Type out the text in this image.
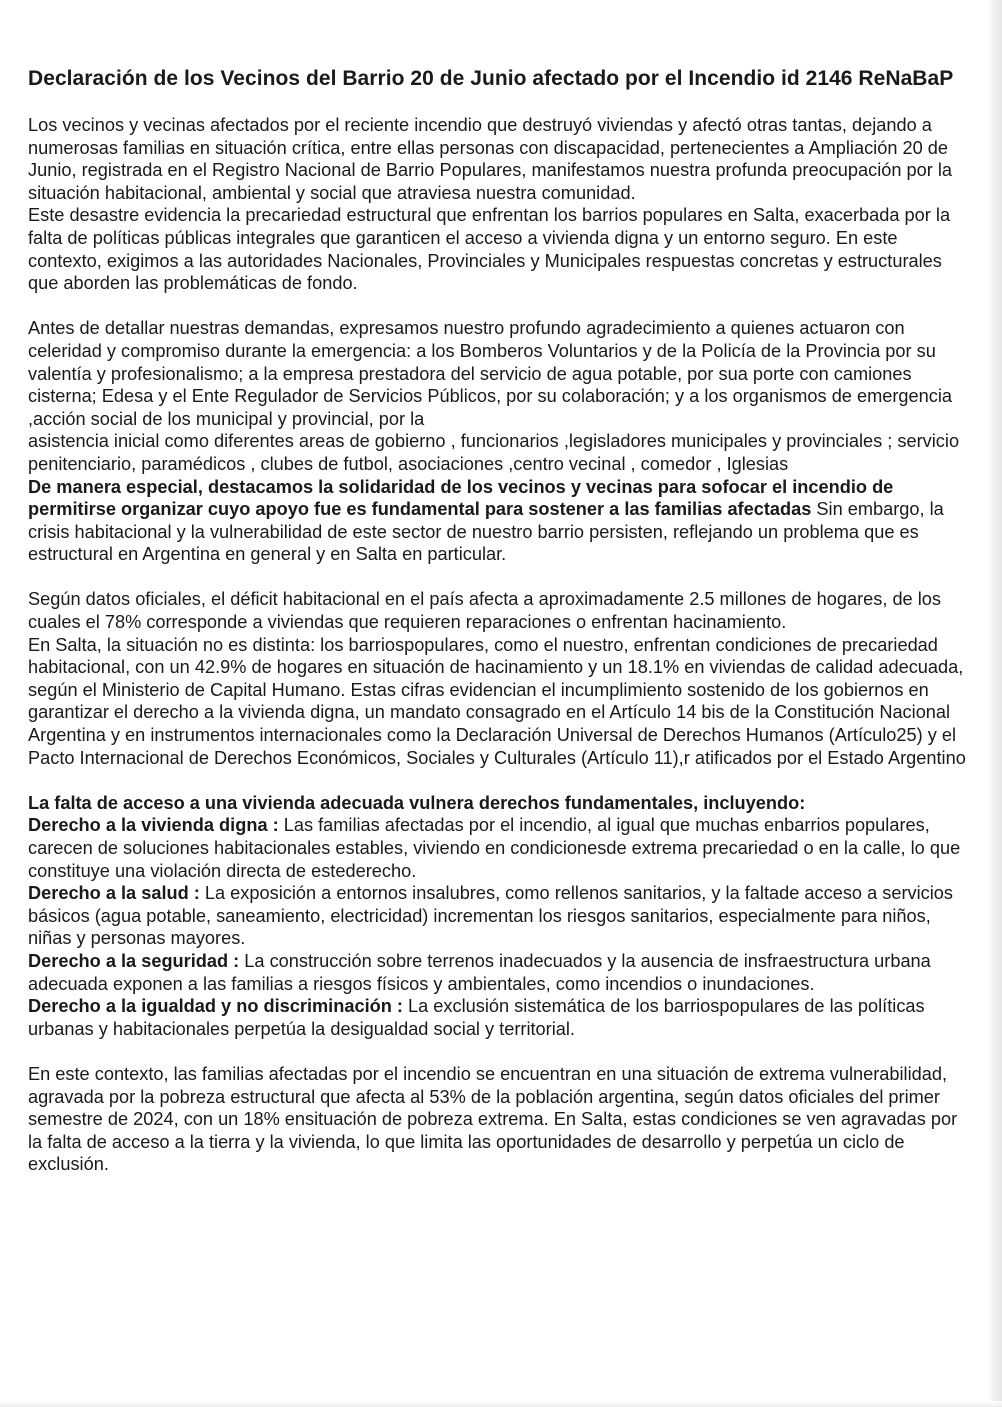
Declaración de los Vecinos del Barrio 20 de Junio afectado por el Incendio id 2146 ReNaBaP

Los vecinos y vecinas afectados por el reciente incendio que destruyó viviendas y afectó otras tantas, dejando a numerosas familias en situación crítica, entre ellas personas con discapacidad, pertenecientes a Ampliación 20 de Junio, registrada en el Registro Nacional de Barrio Populares, manifestamos nuestra profunda preocupación por la situación habitacional, ambiental y social que atraviesa nuestra comunidad.

Este desastre evidencia la precariedad estructural que enfrentan los barrios populares en Salta, exacerbada por la falta de políticas públicas integrales que garanticen el acceso a vivienda digna y un entorno seguro. En este contexto, exigimos a las autoridades Nacionales, Provinciales y Municipales respuestas concretas y estructurales que aborden las problemáticas de fondo.

Antes de detallar nuestras demandas, expresamos nuestro profundo agradecimiento a quienes actuaron con celeridad y compromiso durante la emergencia: a los Bomberos Voluntarios y de la Policía de la Provincia por su valentía y profesionalismo; a la empresa prestadora del servicio de agua potable, por sua porte con camiones cisterna; Edesa y el Ente Regulador de Servicios Públicos, por su colaboración; y a los organismos de emergencia ,acción social de los municipal y provincial, por la

asistencia inicial como diferentes areas de gobierno , funcionarios ,legisladores municipales y provinciales ; servicio penitenciario, paramédicos , clubes de futbol, asociaciones ,centro vecinal , comedor , Iglesias

De manera especial, destacamos la solidaridad de los vecinos y vecinas para sofocar el incendio de permitirse organizar cuyo apoyo fue es fundamental para sostener a las familias afectadas Sin embargo, la crisis habitacional y la vulnerabilidad de este sector de nuestro barrio persisten, reflejando un problema que es estructural en Argentina en general y en Salta en particular.

Según datos oficiales, el déficit habitacional en el país afecta a aproximadamente 2.5 millones de hogares, de los cuales el 78% corresponde a viviendas que requieren reparaciones o enfrentan hacinamiento.

En Salta, la situación no es distinta: los barriospopulares, como el nuestro, enfrentan condiciones de precariedad habitacional, con un 42.9% de hogares en situación de hacinamiento y un 18.1% en viviendas de calidad adecuada, según el Ministerio de Capital Humano. Estas cifras evidencian el incumplimiento sostenido de los gobiernos en garantizar el derecho a la vivienda digna, un mandato consagrado en el Artículo 14 bis de la Constitución Nacional Argentina y en instrumentos internacionales como la Declaración Universal de Derechos Humanos (Artículo25) y el Pacto Internacional de Derechos Económicos, Sociales y Culturales (Artículo 11),r atificados por el Estado Argentino

La falta de acceso a una vivienda adecuada vulnera derechos fundamentales, incluyendo:

Derecho a la vivienda digna : Las familias afectadas por el incendio, al igual que muchas enbarrios populares, carecen de soluciones habitacionales estables, viviendo en condicionesde extrema precariedad o en la calle, lo que constituye una violación directa de estederecho.

Derecho a la salud : La exposición a entornos insalubres, como rellenos sanitarios, y la faltade acceso a servicios básicos (agua potable, saneamiento, electricidad) incrementan los riesgos sanitarios, especialmente para niños, niñas y personas mayores.

Derecho a la seguridad : La construcción sobre terrenos inadecuados y la ausencia de insfraestructura urbana adecuada exponen a las familias a riesgos físicos y ambientales, como incendios o inundaciones.

Derecho a la igualdad y no discriminación : La exclusión sistemática de los barriospopulares de las políticas urbanas y habitacionales perpetúa la desigualdad social y territorial.

En este contexto, las familias afectadas por el incendio se encuentran en una situación de extrema vulnerabilidad, agravada por la pobreza estructural que afecta al 53% de la población argentina, según datos oficiales del primer semestre de 2024, con un 18% ensituación de pobreza extrema. En Salta, estas condiciones se ven agravadas por la falta de acceso a la tierra y la vivienda, lo que limita las oportunidades de desarrollo y perpetúa un ciclo de exclusión.
